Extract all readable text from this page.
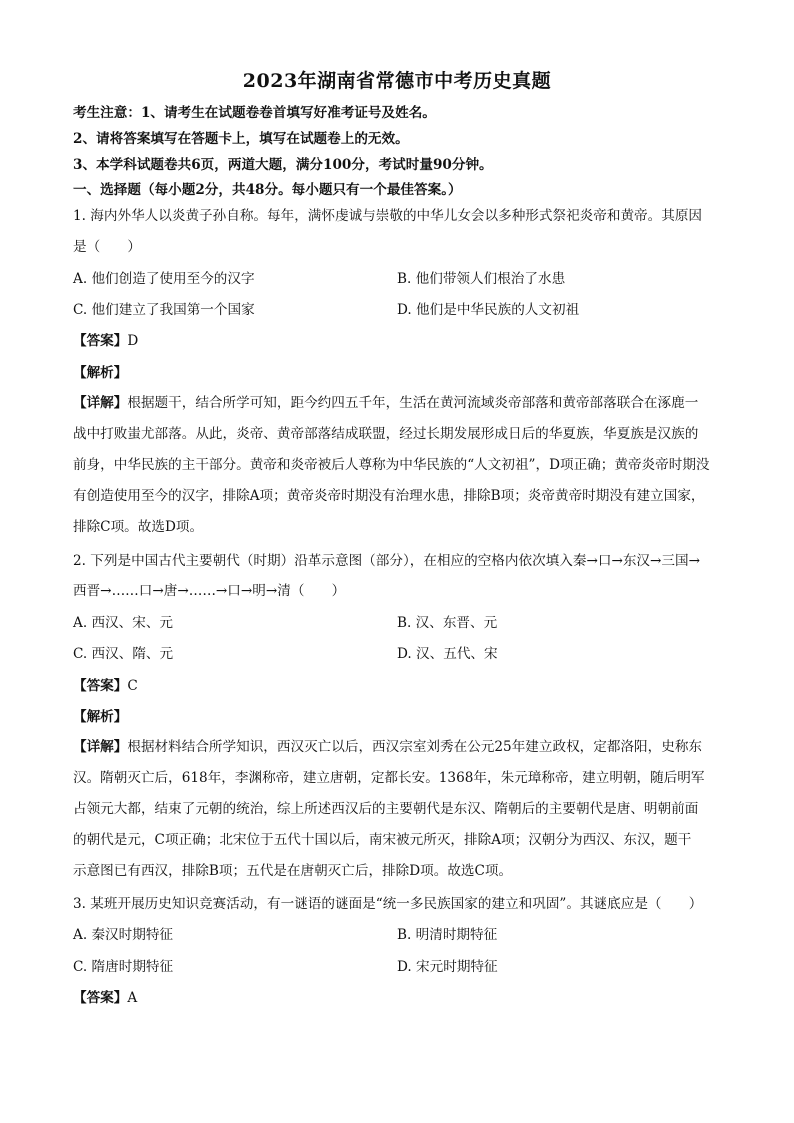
2023年湖南省常德市中考历史真题
考生注意：1、请考生在试题卷卷首填写好准考证号及姓名。
2、请将答案填写在答题卡上，填写在试题卷上的无效。
3、本学科试题卷共6页，两道大题，满分100分，考试时量90分钟。
一、选择题（每小题2分，共48分。每小题只有一个最佳答案。）
1. 海内外华人以炎黄子孙自称。每年，满怀虔诚与崇敬的中华儿女会以多种形式祭祀炎帝和黄帝。其原因
是（　　）
A. 他们创造了使用至今的汉字	B. 他们带领人们根治了水患
C. 他们建立了我国第一个国家	D. 他们是中华民族的人文初祖
【答案】D
【解析】
【详解】根据题干，结合所学可知，距今约四五千年，生活在黄河流域炎帝部落和黄帝部落联合在涿鹿一
战中打败蚩尤部落。从此，炎帝、黄帝部落结成联盟，经过长期发展形成日后的华夏族，华夏族是汉族的
前身，中华民族的主干部分。黄帝和炎帝被后人尊称为中华民族的“人文初祖”，D项正确；黄帝炎帝时期没
有创造使用至今的汉字，排除A项；黄帝炎帝时期没有治理水患，排除B项；炎帝黄帝时期没有建立国家，
排除C项。故选D项。
2. 下列是中国古代主要朝代（时期）沿革示意图（部分），在相应的空格内依次填入秦→口→东汉→三国→
西晋→……口→唐→……→口→明→清（　　）
A. 西汉、宋、元	B. 汉、东晋、元
C. 西汉、隋、元	D. 汉、五代、宋
【答案】C
【解析】
【详解】根据材料结合所学知识，西汉灭亡以后，西汉宗室刘秀在公元25年建立政权，定都洛阳，史称东
汉。隋朝灭亡后，618年，李渊称帝，建立唐朝，定都长安。1368年，朱元璋称帝，建立明朝，随后明军
占领元大都，结束了元朝的统治，综上所述西汉后的主要朝代是东汉、隋朝后的主要朝代是唐、明朝前面
的朝代是元，C项正确；北宋位于五代十国以后，南宋被元所灭，排除A项；汉朝分为西汉、东汉，题干
示意图已有西汉，排除B项；五代是在唐朝灭亡后，排除D项。故选C项。
3. 某班开展历史知识竞赛活动，有一谜语的谜面是“统一多民族国家的建立和巩固”。其谜底应是（　　）
A. 秦汉时期特征	B. 明清时期特征
C. 隋唐时期特征	D. 宋元时期特征
【答案】A
